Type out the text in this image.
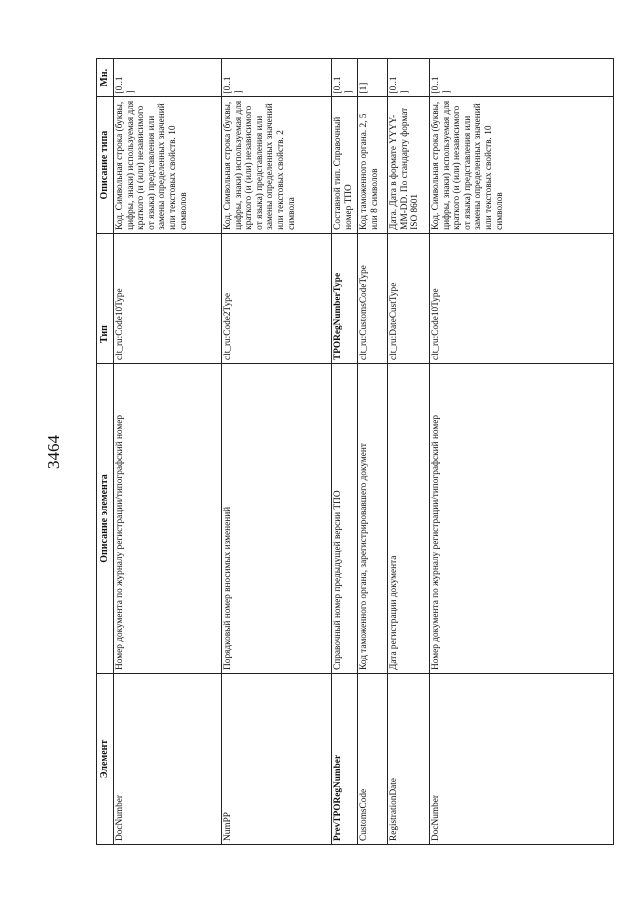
3464
Элемент	Описание элемента	Тип	Описание типа	Мн.
DocNumber	Номер документа по журналу регистрации/типографский номер	clt_ru:Code10Type	Код. Символьная строка (буквы, цифры, знаки) используемая для краткого (и (или) независимого от языка) представления или замены определенных значений или текстовых свойств. 10 символов	[0..1
]
NumPP	Порядковый номер вносимых изменений	clt_ru:Code2Type	Код. Символьная строка (буквы, цифры, знаки) используемая для краткого (и (или) независимого от языка) представления или замены определенных значений или текстовых свойств. 2 символа	[0..1
]
PrevTPORegNumber	Справочный номер предыдущей версии ТПО	TPORegNumberType	Составной тип. Справочный номер ТПО	[0..1
]
CustomsCode	Код таможенного органа, зарегистрировавшего документ	clt_ru:CustomsCodeType	Код таможенного органа. 2, 5 или 8 символов	[1]
RegistrationDate	Дата регистрации документа	clt_ru:DateCustType	Дата. Дата в формате YYYY-MM-DD. По стандарту формат ISO 8601	[0..1
]
DocNumber	Номер документа по журналу регистрации/типографский номер	clt_ru:Code10Type	Код. Символьная строка (буквы, цифры, знаки) используемая для краткого (и (или) независимого от языка) представления или замены определенных значений или текстовых свойств. 10 символов	[0..1
]
